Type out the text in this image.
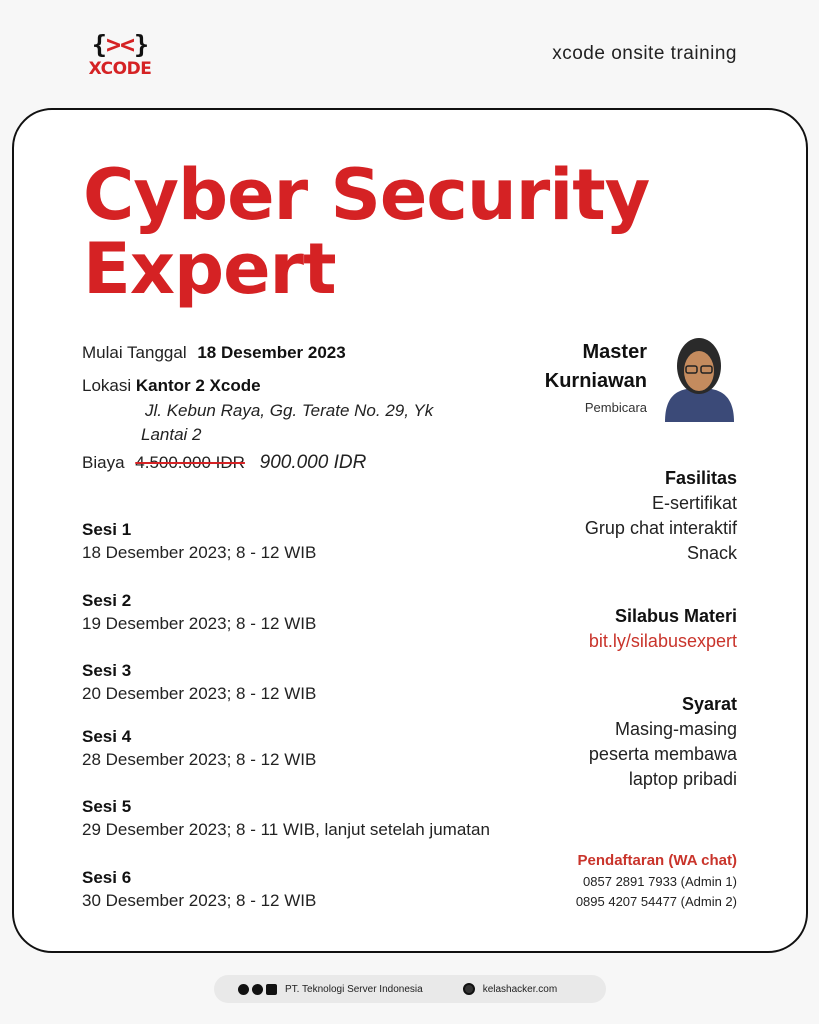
{><}
XCODE
xcode onsite training
Cyber Security
Expert
Mulai Tanggal 18 Desember 2023
Lokasi Kantor 2 Xcode
Jl. Kebun Raya, Gg. Terate No. 29, Yk
Lantai 2
Biaya 4.500.000 IDR 900.000 IDR
Sesi 1
18 Desember 2023; 8 - 12 WIB
Sesi 2
19 Desember 2023; 8 - 12 WIB
Sesi 3
20 Desember 2023; 8 - 12 WIB
Sesi 4
28 Desember 2023; 8 - 12 WIB
Sesi 5
29 Desember 2023; 8 - 11 WIB, lanjut setelah jumatan
Sesi 6
30 Desember 2023; 8 - 12 WIB
Master
Kurniawan
Pembicara
Fasilitas
E-sertifikat
Grup chat interaktif
Snack
Silabus Materi
bit.ly/silabusexpert
Syarat
Masing-masing
peserta membawa
laptop pribadi
Pendaftaran (WA chat)
0857 2891 7933 (Admin 1)
0895 4207 54477 (Admin 2)
PT. Teknologi Server Indonesia	kelashacker.com
